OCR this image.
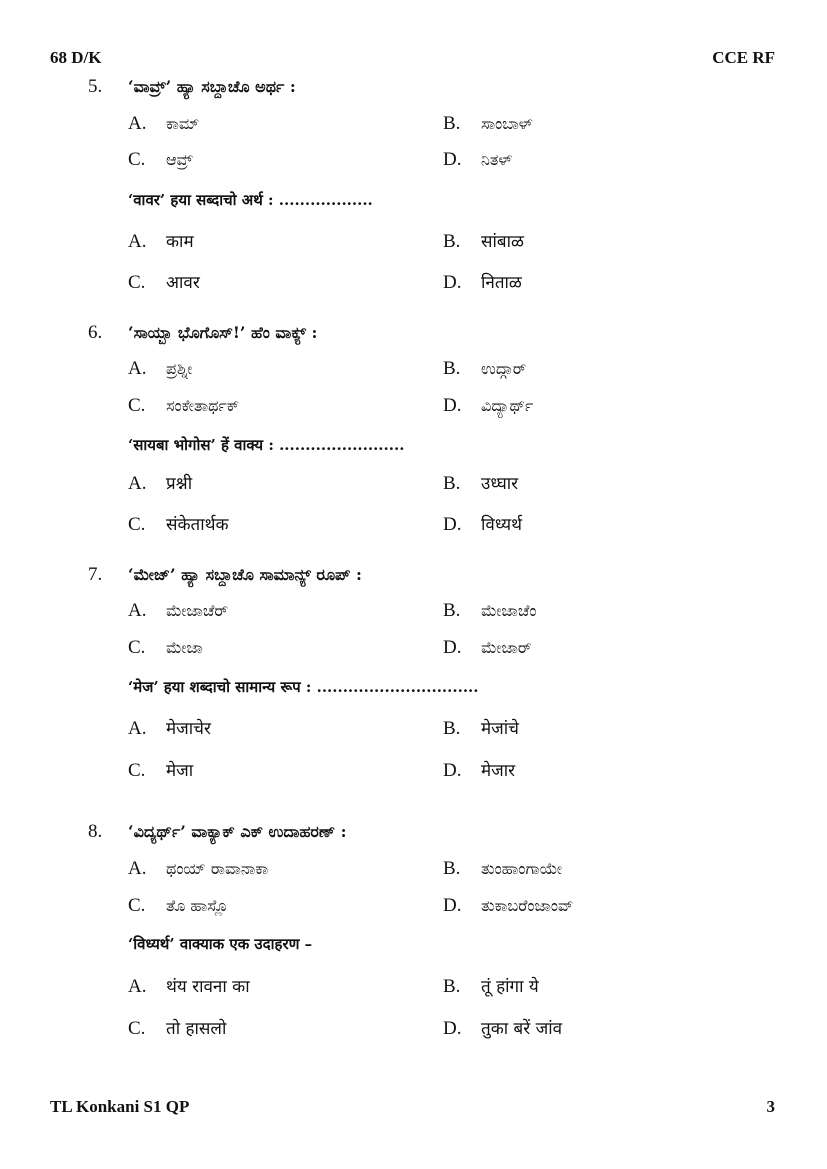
68 D/K	CCE RF
5. ‘ವಾವ್ರ್’ ಹ್ಯಾ ಸಬ್ದಾಚೊ ಅರ್ಥ :
A.	ಕಾಮ್	B.	ಸಾಂಬಾಳ್
C.	ಆವ್ರ್	D.	ನಿತಳ್
‘वावर’ हया सब्दाचो अर्थ : ..................
A.	काम	B.	सांबाळ
C.	आवर	D.	निताळ
6. ‘ಸಾಯ್ಬಾ ಭೊಗೊಸ್!’ ಹೆಂ ವಾಕ್ಯ್ :
A.	ಪ್ರಶ್ನೀ	B.	ಉದ್ಗಾರ್
C.	ಸಂಕೇತಾರ್ಥಕ್	D.	ವಿದ್ಯಾರ್ಥ್
‘सायबा भोगोस’ हें वाक्य : ........................
A.	प्रश्नी	B.	उध्घार
C.	संकेतार्थक	D.	विध्यर्थ
7. ‘ಮೇಜ್’ ಹ್ಯಾ ಸಬ್ದಾಚೊ ಸಾಮಾನ್ಯ್ ರೂಪ್ :
A.	ಮೇಜಾಚೆರ್	B.	ಮೇಜಾಚೆಂ
C.	ಮೇಜಾ	D.	ಮೇಜಾರ್
‘मेज’ हया शब्दाचो सामान्य रूप : ...............................
A.	मेजाचेर	B.	मेजांचे
C.	मेजा	D.	मेजार
8. ‘ವಿದ್ಯರ್ಥ್’ ವಾಕ್ಯಾಕ್ ಎಕ್ ಉದಾಹರಣ್ :
A.	ಥಂಯ್ ರಾವಾನಾಕಾ	B.	ತುಂಹಾಂಗಾಯೇ
C.	ತೊ ಹಾಸ್ಲೊ	D.	ತುಕಾಬರೆಂಜಾಂವ್
‘विध्यर्थ’ वाक्याक एक उदाहरण –
A.	थंय रावना का	B.	तूं हांगा ये
C.	तो हासलो	D.	तुका बरें जांव
TL Konkani S1 QP	3
